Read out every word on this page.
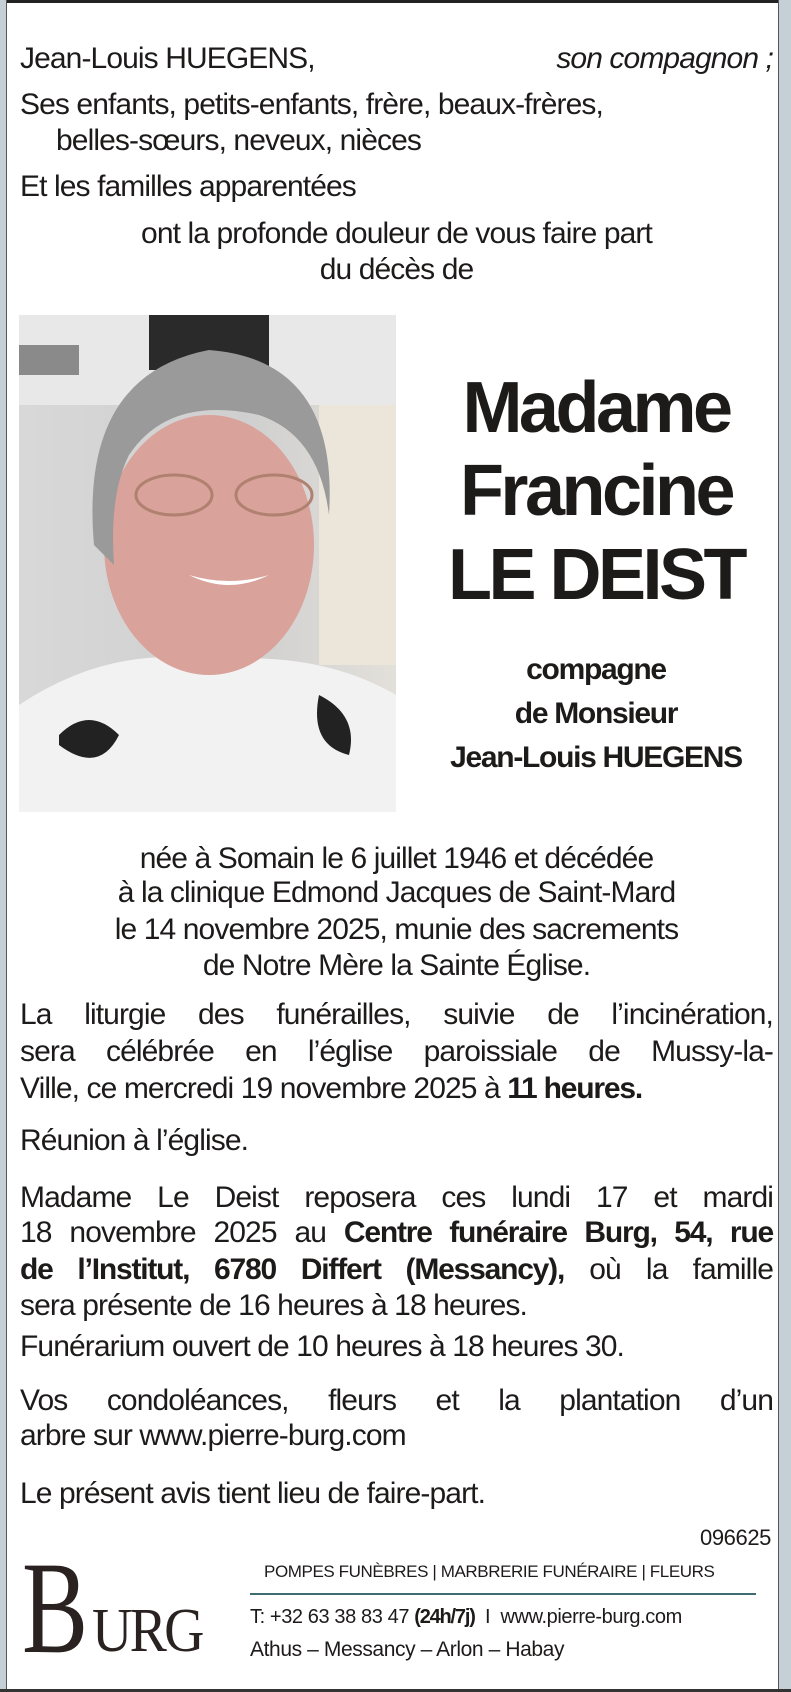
Jean-Louis HUEGENS,	son compagnon ;
Ses enfants, petits-enfants, frère, beaux-frères,
belles-sœurs, neveux, nièces
Et les familles apparentées
ont la profonde douleur de vous faire part
du décès de
Madame
Francine
LE DEIST
compagne
de Monsieur
Jean-Louis HUEGENS
née à Somain le 6 juillet 1946 et décédée
à la clinique Edmond Jacques de Saint-Mard
le 14 novembre 2025, munie des sacrements
de Notre Mère la Sainte Église.
La liturgie des funérailles, suivie de l’incinération,
sera célébrée en l’église paroissiale de Mussy-la-
Ville, ce mercredi 19 novembre 2025 à 11 heures.
Réunion à l’église.
Madame Le Deist reposera ces lundi 17 et mardi
18 novembre 2025 au Centre funéraire Burg, 54, rue
de l’Institut, 6780 Differt (Messancy), où la famille
sera présente de 16 heures à 18 heures.
Funérarium ouvert de 10 heures à 18 heures 30.
Vos condoléances, fleurs et la plantation d’un
arbre sur www.pierre-burg.com
Le présent avis tient lieu de faire-part.
096625
B URG
POMPES FUNÈBRES | MARBRERIE FUNÉRAIRE | FLEURS
T: +32 63 38 83 47 (24h/7j) I www.pierre-burg.com
Athus – Messancy – Arlon – Habay
